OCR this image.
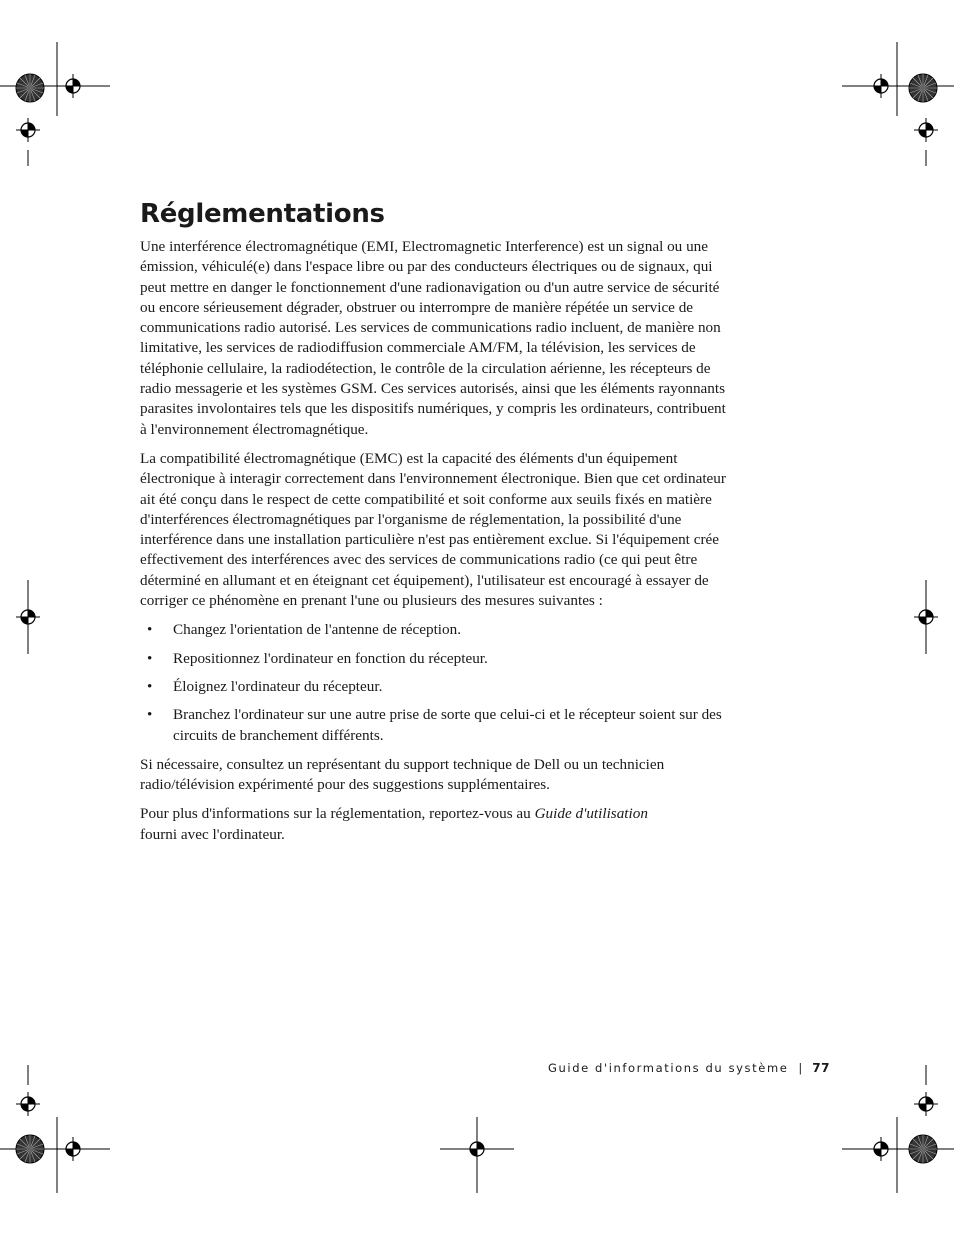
Réglementations

Une interférence électromagnétique (EMI, Electromagnetic Interference) est un signal ou une émission, véhiculé(e) dans l'espace libre ou par des conducteurs électriques ou de signaux, qui peut mettre en danger le fonctionnement d'une radionavigation ou d'un autre service de sécurité ou encore sérieusement dégrader, obstruer ou interrompre de manière répétée un service de communications radio autorisé. Les services de communications radio incluent, de manière non limitative, les services de radiodiffusion commerciale AM/FM, la télévision, les services de téléphonie cellulaire, la radiodétection, le contrôle de la circulation aérienne, les récepteurs de radio messagerie et les systèmes GSM. Ces services autorisés, ainsi que les éléments rayonnants parasites involontaires tels que les dispositifs numériques, y compris les ordinateurs, contribuent à l'environnement électromagnétique.

La compatibilité électromagnétique (EMC) est la capacité des éléments d'un équipement électronique à interagir correctement dans l'environnement électronique. Bien que cet ordinateur ait été conçu dans le respect de cette compatibilité et soit conforme aux seuils fixés en matière d'interférences électromagnétiques par l'organisme de réglementation, la possibilité d'une interférence dans une installation particulière n'est pas entièrement exclue. Si l'équipement crée effectivement des interférences avec des services de communications radio (ce qui peut être déterminé en allumant et en éteignant cet équipement), l'utilisateur est encouragé à essayer de corriger ce phénomène en prenant l'une ou plusieurs des mesures suivantes :

• Changez l'orientation de l'antenne de réception.
• Repositionnez l'ordinateur en fonction du récepteur.
• Éloignez l'ordinateur du récepteur.
• Branchez l'ordinateur sur une autre prise de sorte que celui-ci et le récepteur soient sur des circuits de branchement différents.

Si nécessaire, consultez un représentant du support technique de Dell ou un technicien radio/télévision expérimenté pour des suggestions supplémentaires.

Pour plus d'informations sur la réglementation, reportez-vous au Guide d'utilisation
fourni avec l'ordinateur.

Guide d'informations du système | 77
